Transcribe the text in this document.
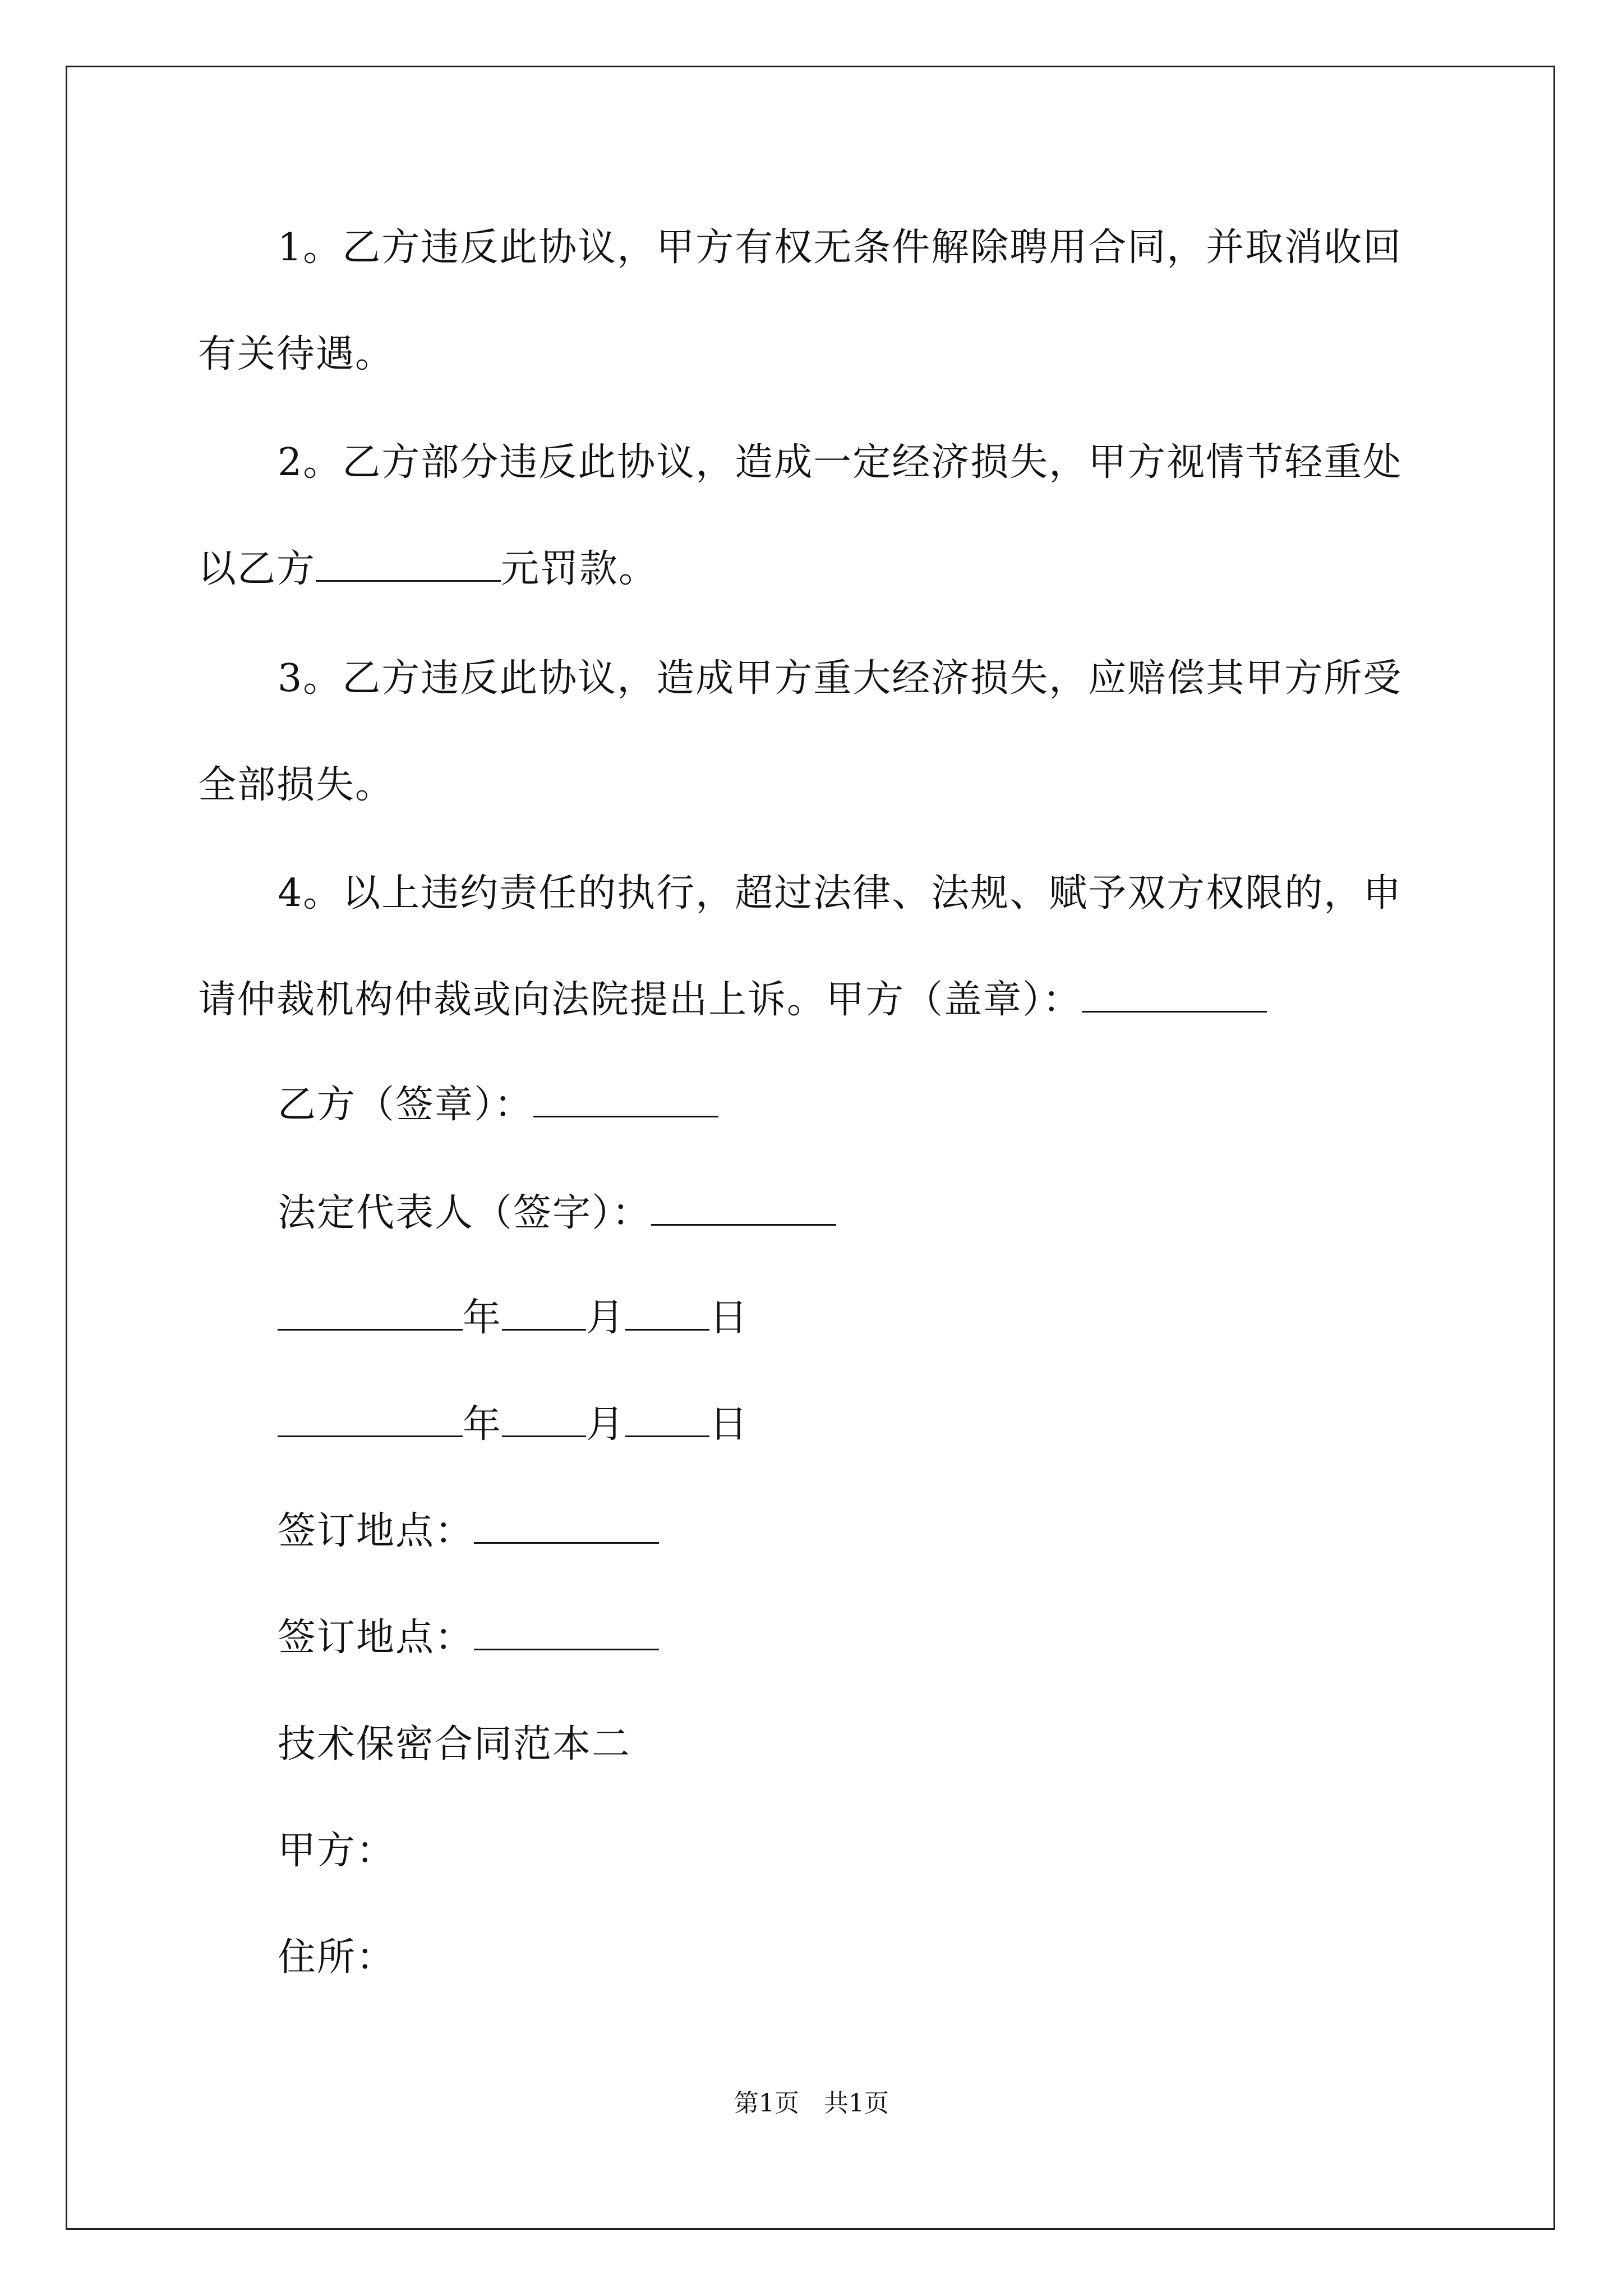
1。乙方违反此协议，甲方有权无条件解除聘用合同，并取消收回

有关待遇。

2。乙方部分违反此协议，造成一定经济损失，甲方视情节轻重处

以乙方	元罚款。

3。乙方违反此协议，造成甲方重大经济损失，应赔偿其甲方所受

全部损失。

4。以上违约责任的执行，超过法律、法规、赋予双方权限的，申

请仲裁机构仲裁或向法院提出上诉。甲方（盖章）：

乙方（签章）：

法定代表人（签字）：

年 月 日

年 月 日

签订地点：

签订地点：

技术保密合同范本二

甲方：

住所：

第1页　共1页
